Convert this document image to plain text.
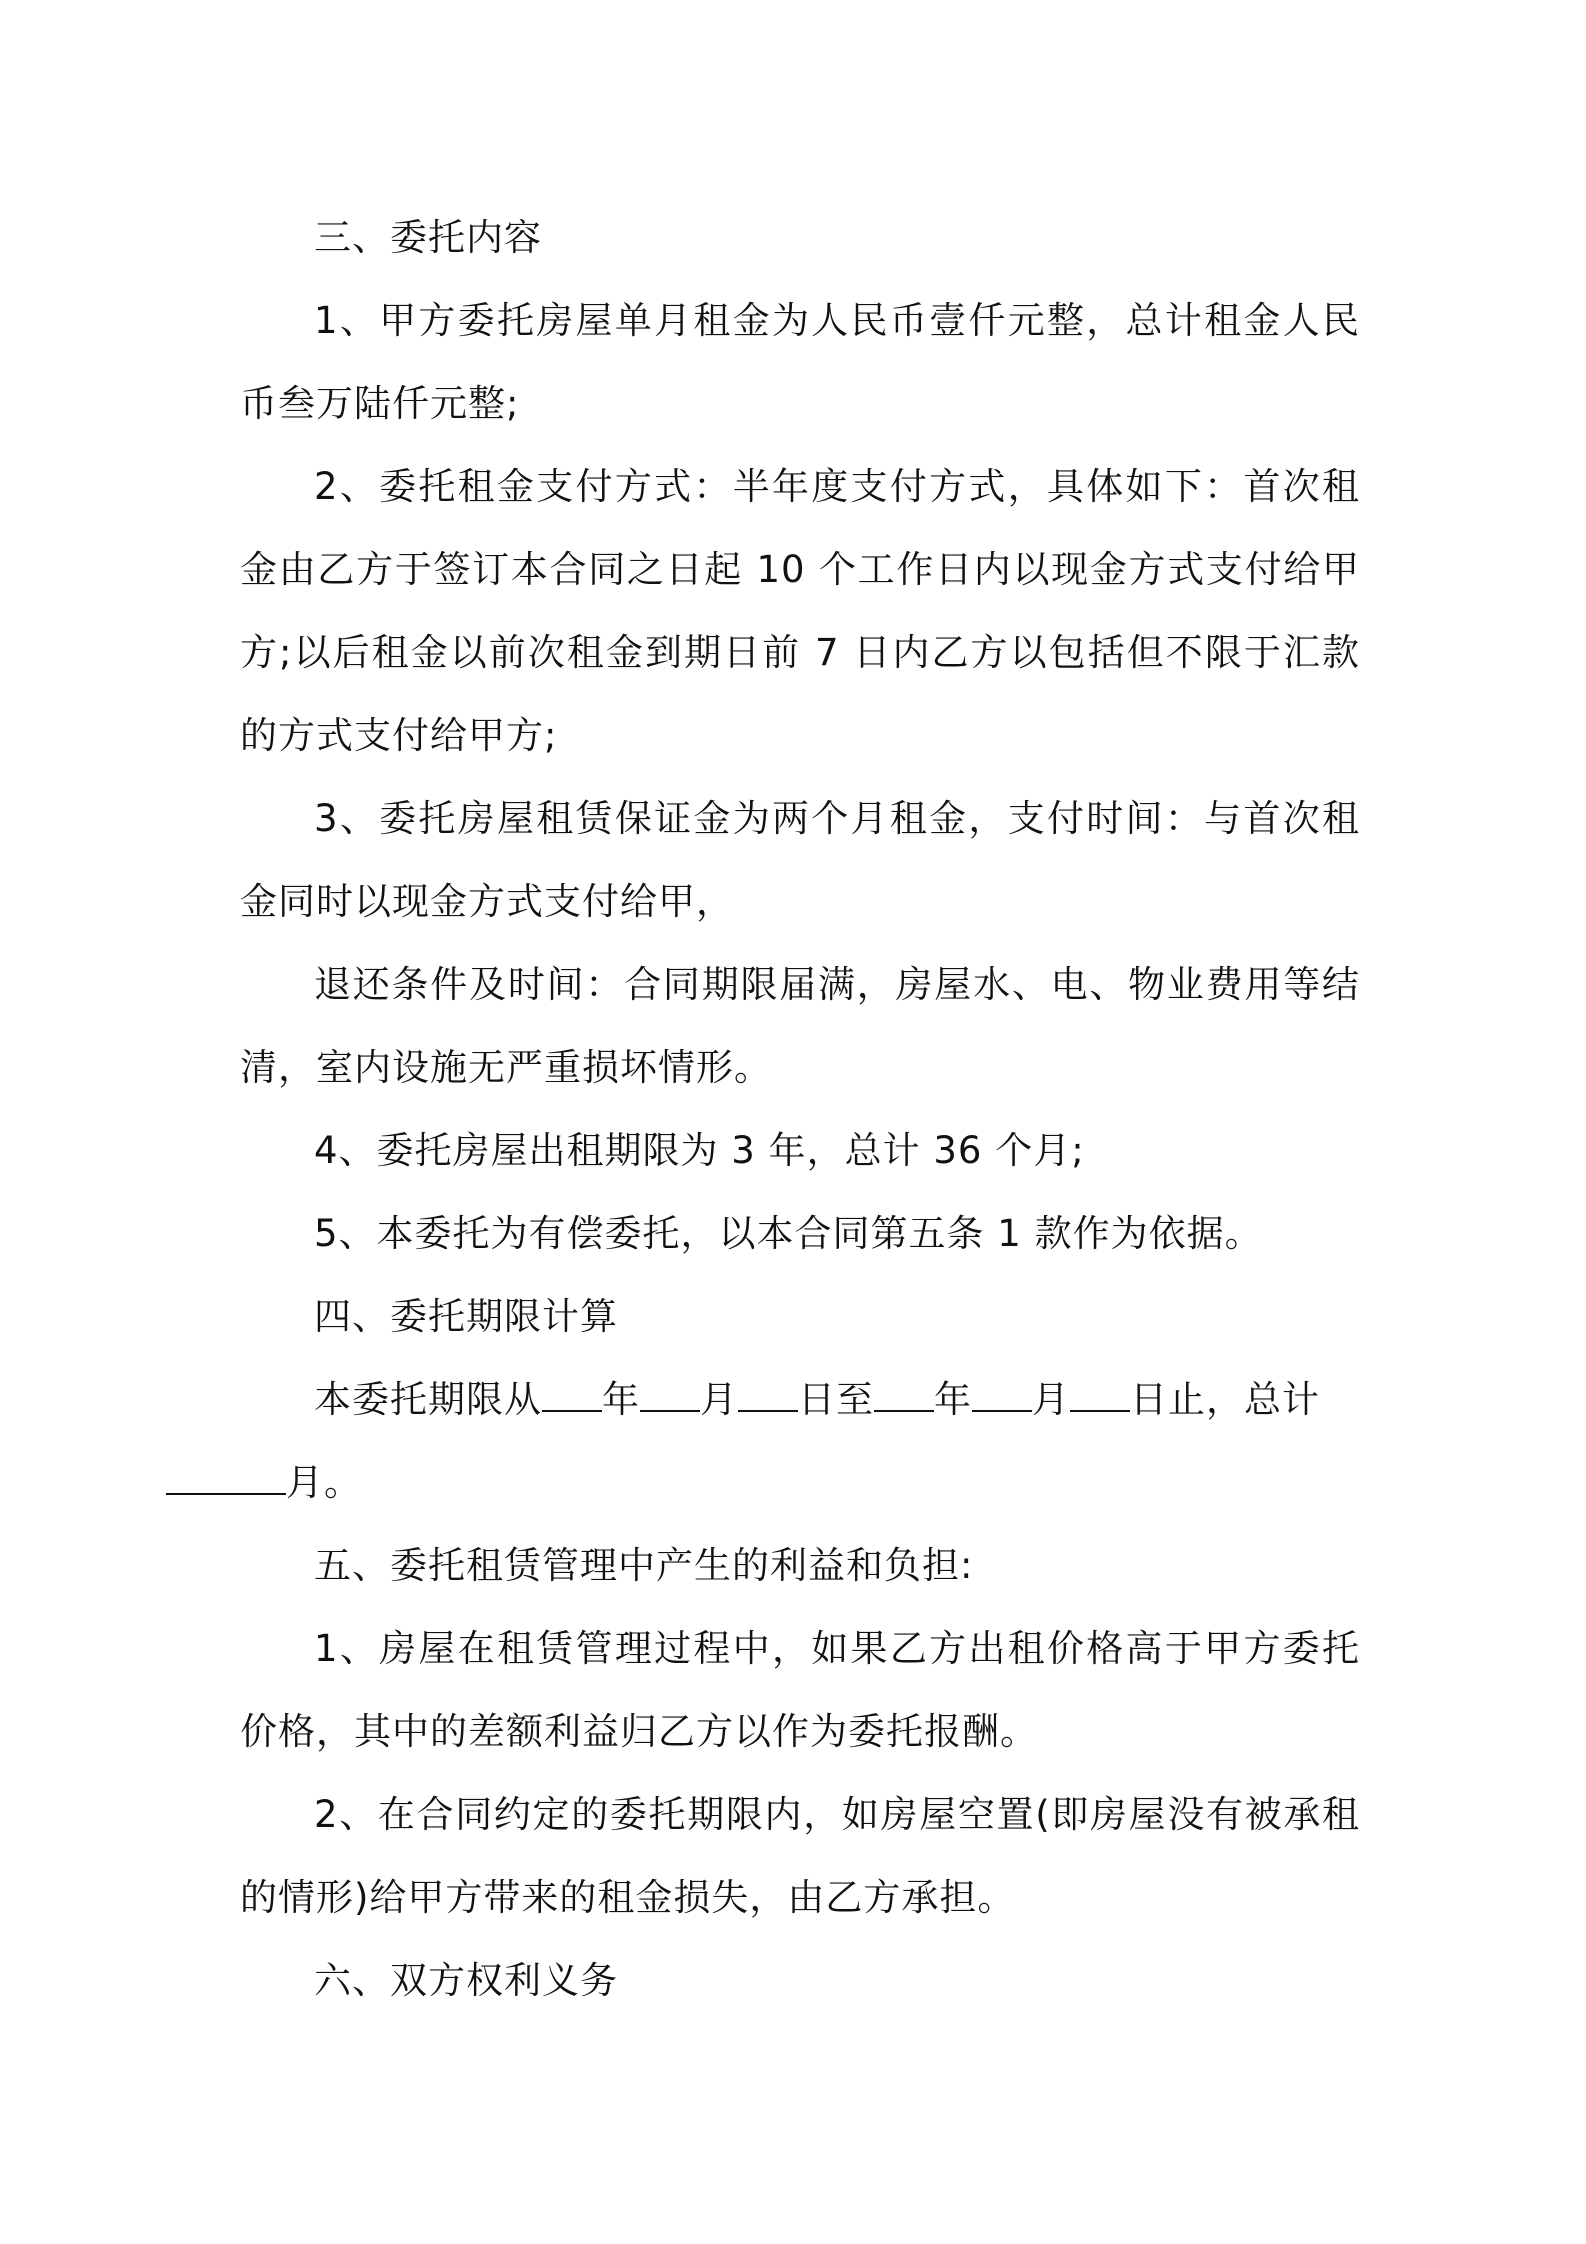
三、委托内容

1、甲方委托房屋单月租金为人民币壹仟元整，总计租金人民币叁万陆仟元整;

2、委托租金支付方式：半年度支付方式，具体如下：首次租金由乙方于签订本合同之日起 10 个工作日内以现金方式支付给甲方;以后租金以前次租金到期日前 7 日内乙方以包括但不限于汇款的方式支付给甲方;

3、委托房屋租赁保证金为两个月租金，支付时间：与首次租金同时以现金方式支付给甲，

退还条件及时间：合同期限届满，房屋水、电、物业费用等结清，室内设施无严重损坏情形。

4、委托房屋出租期限为 3 年，总计 36 个月;

5、本委托为有偿委托，以本合同第五条 1 款作为依据。

四、委托期限计算

本委托期限从 年 月 日至 年 月 日止，总计
月。

五、委托租赁管理中产生的利益和负担:

1、房屋在租赁管理过程中，如果乙方出租价格高于甲方委托价格，其中的差额利益归乙方以作为委托报酬。

2、在合同约定的委托期限内，如房屋空置(即房屋没有被承租的情形)给甲方带来的租金损失，由乙方承担。

六、双方权利义务
